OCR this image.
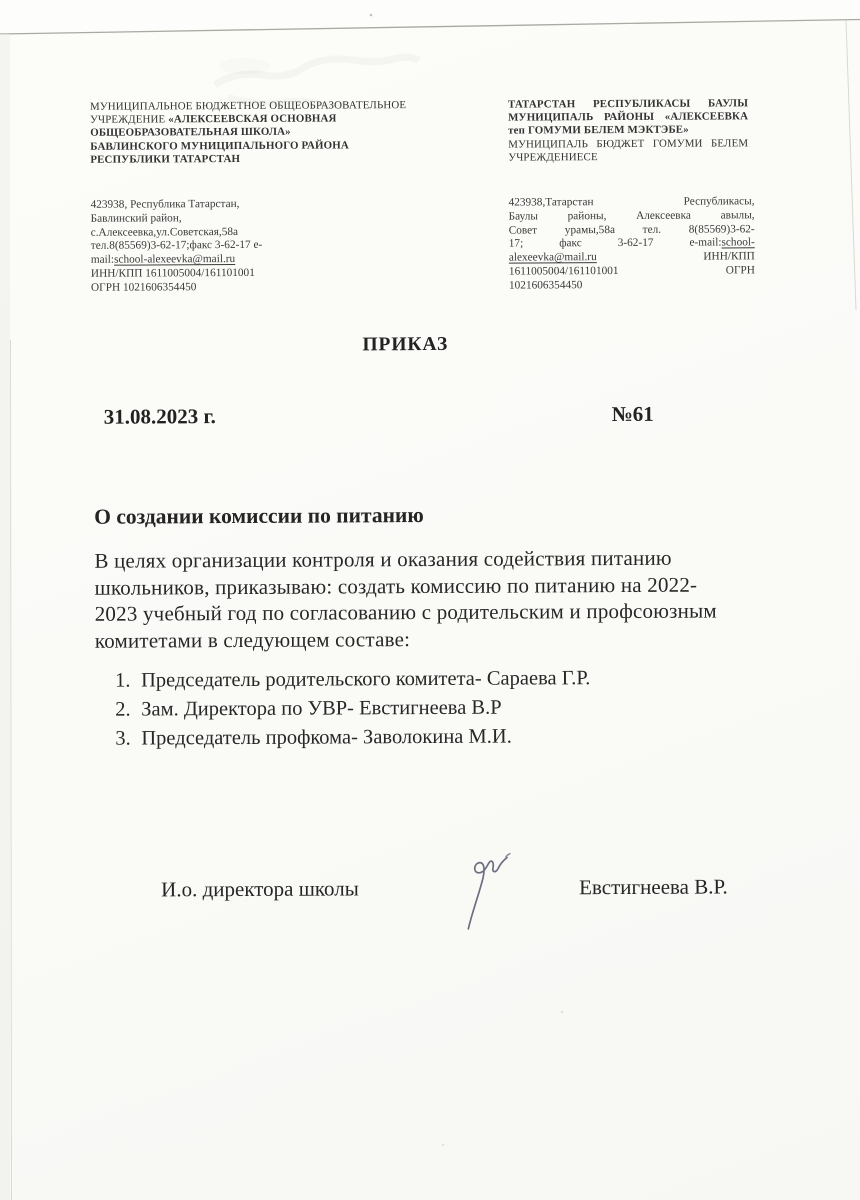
МУНИЦИПАЛЬНОЕ БЮДЖЕТНОЕ ОБЩЕОБРАЗОВАТЕЛЬНОЕ
УЧРЕЖДЕНИЕ «АЛЕКСЕЕВСКАЯ ОСНОВНАЯ
ОБЩЕОБРАЗОВАТЕЛЬНАЯ ШКОЛА»
БАВЛИНСКОГО МУНИЦИПАЛЬНОГО РАЙОНА
РЕСПУБЛИКИ ТАТАРСТАН
ТАТАРСТАН РЕСПУБЛИКАСЫ БАУЛЫ
МУНИЦИПАЛЬ РАЙОНЫ «АЛЕКСЕЕВКА
теп ГОМУМИ БЕЛЕМ МЭКТЭБЕ»
МУНИЦИПАЛЬ БЮДЖЕТ ГОМУМИ БЕЛЕМ
УЧРЕЖДЕНИЕСЕ
423938, Республика Татарстан,
Бавлинский район,
с.Алексеевка,ул.Советская,58а
тел.8(85569)3-62-17;факс 3-62-17 e-
mail:school-alexeevka@mail.ru
ИНН/КПП 1611005004/161101001
ОГРН 1021606354450
423938,Татарстан	Республикасы,
Баулы	районы,	Алексеевка	авылы,
Совет урамы,58а тел. 8(85569)3-62-
17;	факс	3-62-17	e-mail:school-
alexeevka@mail.ru	ИНН/КПП
1611005004/161101001	ОГРН
1021606354450
ПРИКАЗ
31.08.2023 г.	№61
О создании комиссии по питанию
В целях организации контроля и оказания содействия питанию
школьников, приказываю: создать комиссию по питанию на 2022-
2023 учебный год по согласованию с родительским и профсоюзным
комитетами в следующем составе:
1. Председатель родительского комитета- Сараева Г.Р.
2. Зам. Директора по УВР- Евстигнеева В.Р
3. Председатель профкома- Заволокина М.И.
И.о. директора школы	Евстигнеева В.Р.
